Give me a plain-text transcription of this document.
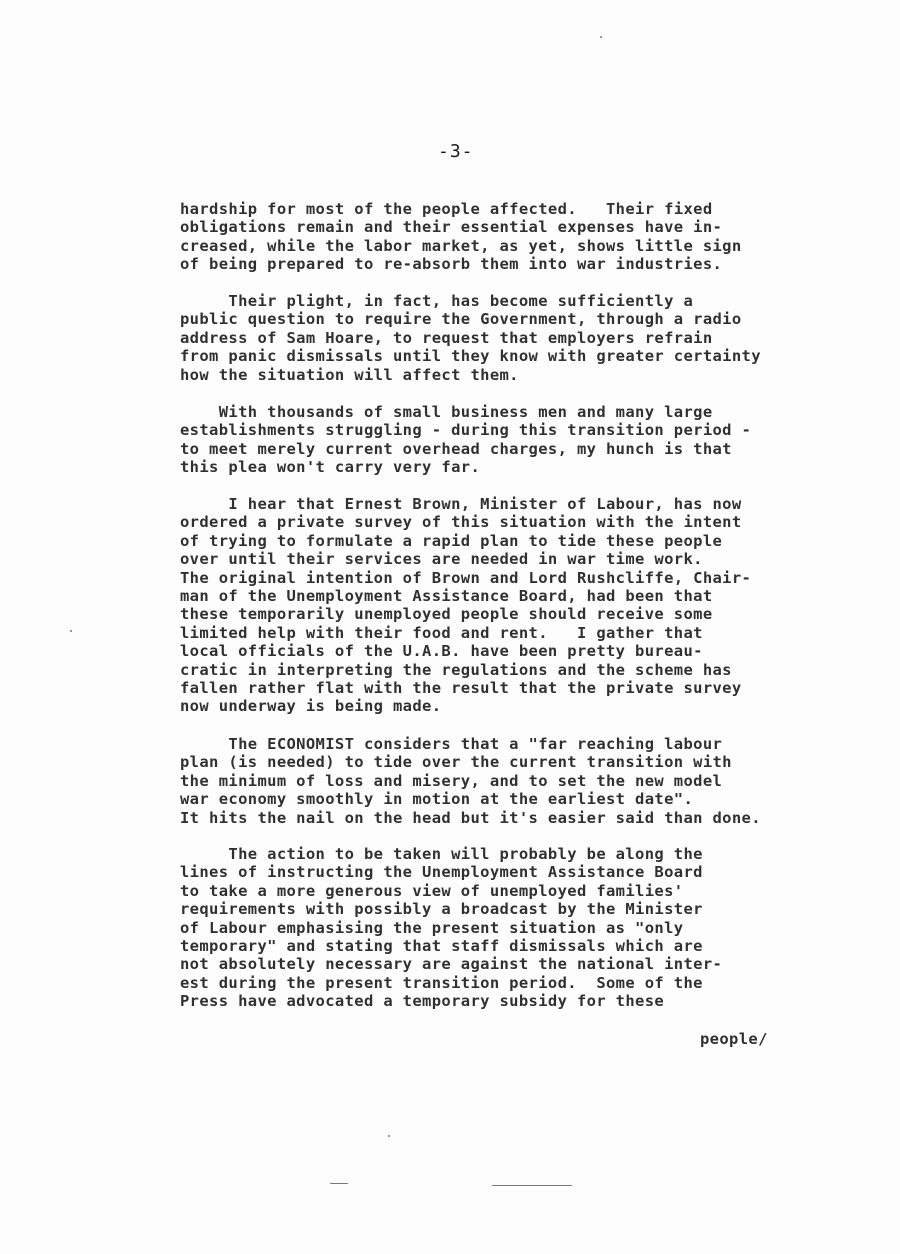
-3-
hardship for most of the people affected.   Their fixed
obligations remain and their essential expenses have in-
creased, while the labor market, as yet, shows little sign
of being prepared to re-absorb them into war industries.
Their plight, in fact, has become sufficiently a
public question to require the Government, through a radio
address of Sam Hoare, to request that employers refrain
from panic dismissals until they know with greater certainty
how the situation will affect them.
With thousands of small business men and many large
establishments struggling - during this transition period -
to meet merely current overhead charges, my hunch is that
this plea won't carry very far.
I hear that Ernest Brown, Minister of Labour, has now
ordered a private survey of this situation with the intent
of trying to formulate a rapid plan to tide these people
over until their services are needed in war time work.
The original intention of Brown and Lord Rushcliffe, Chair-
man of the Unemployment Assistance Board, had been that
these temporarily unemployed people should receive some
limited help with their food and rent.   I gather that
local officials of the U.A.B. have been pretty bureau-
cratic in interpreting the regulations and the scheme has
fallen rather flat with the result that the private survey
now underway is being made.
The ECONOMIST considers that a "far reaching labour
plan (is needed) to tide over the current transition with
the minimum of loss and misery, and to set the new model
war economy smoothly in motion at the earliest date".
It hits the nail on the head but it's easier said than done.
The action to be taken will probably be along the
lines of instructing the Unemployment Assistance Board
to take a more generous view of unemployed families'
requirements with possibly a broadcast by the Minister
of Labour emphasising the present situation as "only
temporary" and stating that staff dismissals which are
not absolutely necessary are against the national inter-
est during the present transition period.  Some of the
Press have advocated a temporary subsidy for these
people/
